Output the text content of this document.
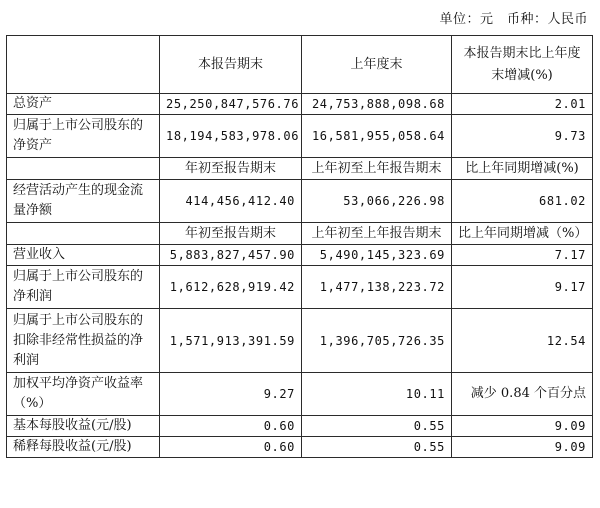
单位：元　币种：人民币
	本报告期末	上年度末	本报告期末比上年度末增减(%)
总资产	25,250,847,576.76	24,753,888,098.68	2.01
归属于上市公司股东的净资产	18,194,583,978.06	16,581,955,058.64	9.73
	年初至报告期末	上年初至上年报告期末	比上年同期增减(%)
经营活动产生的现金流量净额	414,456,412.40	53,066,226.98	681.02
	年初至报告期末	上年初至上年报告期末	比上年同期增减（%）
营业收入	5,883,827,457.90	5,490,145,323.69	7.17
归属于上市公司股东的净利润	1,612,628,919.42	1,477,138,223.72	9.17
归属于上市公司股东的扣除非经常性损益的净利润	1,571,913,391.59	1,396,705,726.35	12.54
加权平均净资产收益率（%）	9.27	10.11	减少 0.84 个百分点
基本每股收益(元/股)	0.60	0.55	9.09
稀释每股收益(元/股)	0.60	0.55	9.09
